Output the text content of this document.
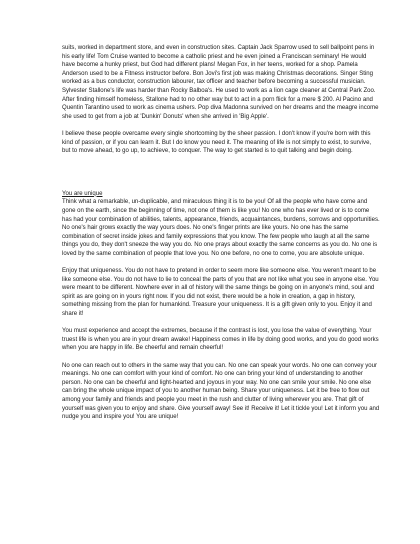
suits, worked in department store, and even in construction sites. Captain Jack Sparrow used to sell ballpoint pens in his early life! Tom Cruise wanted to become a catholic priest and he even joined a Franciscan seminary! He would have become a hunky priest, but God had different plans! Megan Fox, in her teens, worked for a shop. Pamela Anderson used to be a Fitness instructor before. Bon Jovi's first job was making Christmas decorations. Singer Sting worked as a bus conductor, construction labourer, tax officer and teacher before becoming a successful musician. Sylvester Stallone's life was harder than Rocky Balboa's. He used to work as a lion cage cleaner at Central Park Zoo. After finding himself homeless, Stallone had to no other way but to act in a porn flick for a mere $ 200. Al Pacino and Quentin Tarantino used to work as cinema ushers. Pop diva Madonna survived on her dreams and the meagre income she used to get from a job at 'Dunkin' Donuts' when she arrived in 'Big Apple'.

I believe these people overcame every single shortcoming by the sheer passion. I don't know if you're born with this kind of passion, or if you can learn it. But I do know you need it. The meaning of life is not simply to exist, to survive, but to move ahead, to go up, to achieve, to conquer. The way to get started is to quit talking and begin doing.

You are unique

Think what a remarkable, un-duplicable, and miraculous thing it is to be you! Of all the people who have come and gone on the earth, since the beginning of time, not one of them is like you! No one who has ever lived or is to come has had your combination of abilities, talents, appearance, friends, acquaintances, burdens, sorrows and opportunities. No one's hair grows exactly the way yours does. No one's finger prints are like yours. No one has the same combination of secret inside jokes and family expressions that you know. The few people who laugh at all the same things you do, they don't sneeze the way you do. No one prays about exactly the same concerns as you do. No one is loved by the same combination of people that love you. No one before, no one to come, you are absolute unique.

Enjoy that uniqueness. You do not have to pretend in order to seem more like someone else. You weren't meant to be like someone else. You do not have to lie to conceal the parts of you that are not like what you see in anyone else. You were meant to be different. Nowhere ever in all of history will the same things be going on in anyone's mind, soul and spirit as are going on in yours right now. If you did not exist, there would be a hole in creation, a gap in history, something missing from the plan for humankind. Treasure your uniqueness. It is a gift given only to you. Enjoy it and share it!

You must experience and accept the extremes, because if the contrast is lost, you lose the value of everything. Your truest life is when you are in your dream awake! Happiness comes in life by doing good works, and you do good works when you are happy in life. Be cheerful and remain cheerful!

No one can reach out to others in the same way that you can. No one can speak your words. No one can convey your meanings. No one can comfort with your kind of comfort. No one can bring your kind of understanding to another person. No one can be cheerful and light-hearted and joyous in your way. No one can smile your smile. No one else can bring the whole unique impact of you to another human being. Share your uniqueness. Let it be free to flow out among your family and friends and people you meet in the rush and clutter of living wherever you are. That gift of yourself was given you to enjoy and share. Give yourself away! See it! Receive it! Let it tickle you! Let it inform you and nudge you and inspire you! You are unique!
